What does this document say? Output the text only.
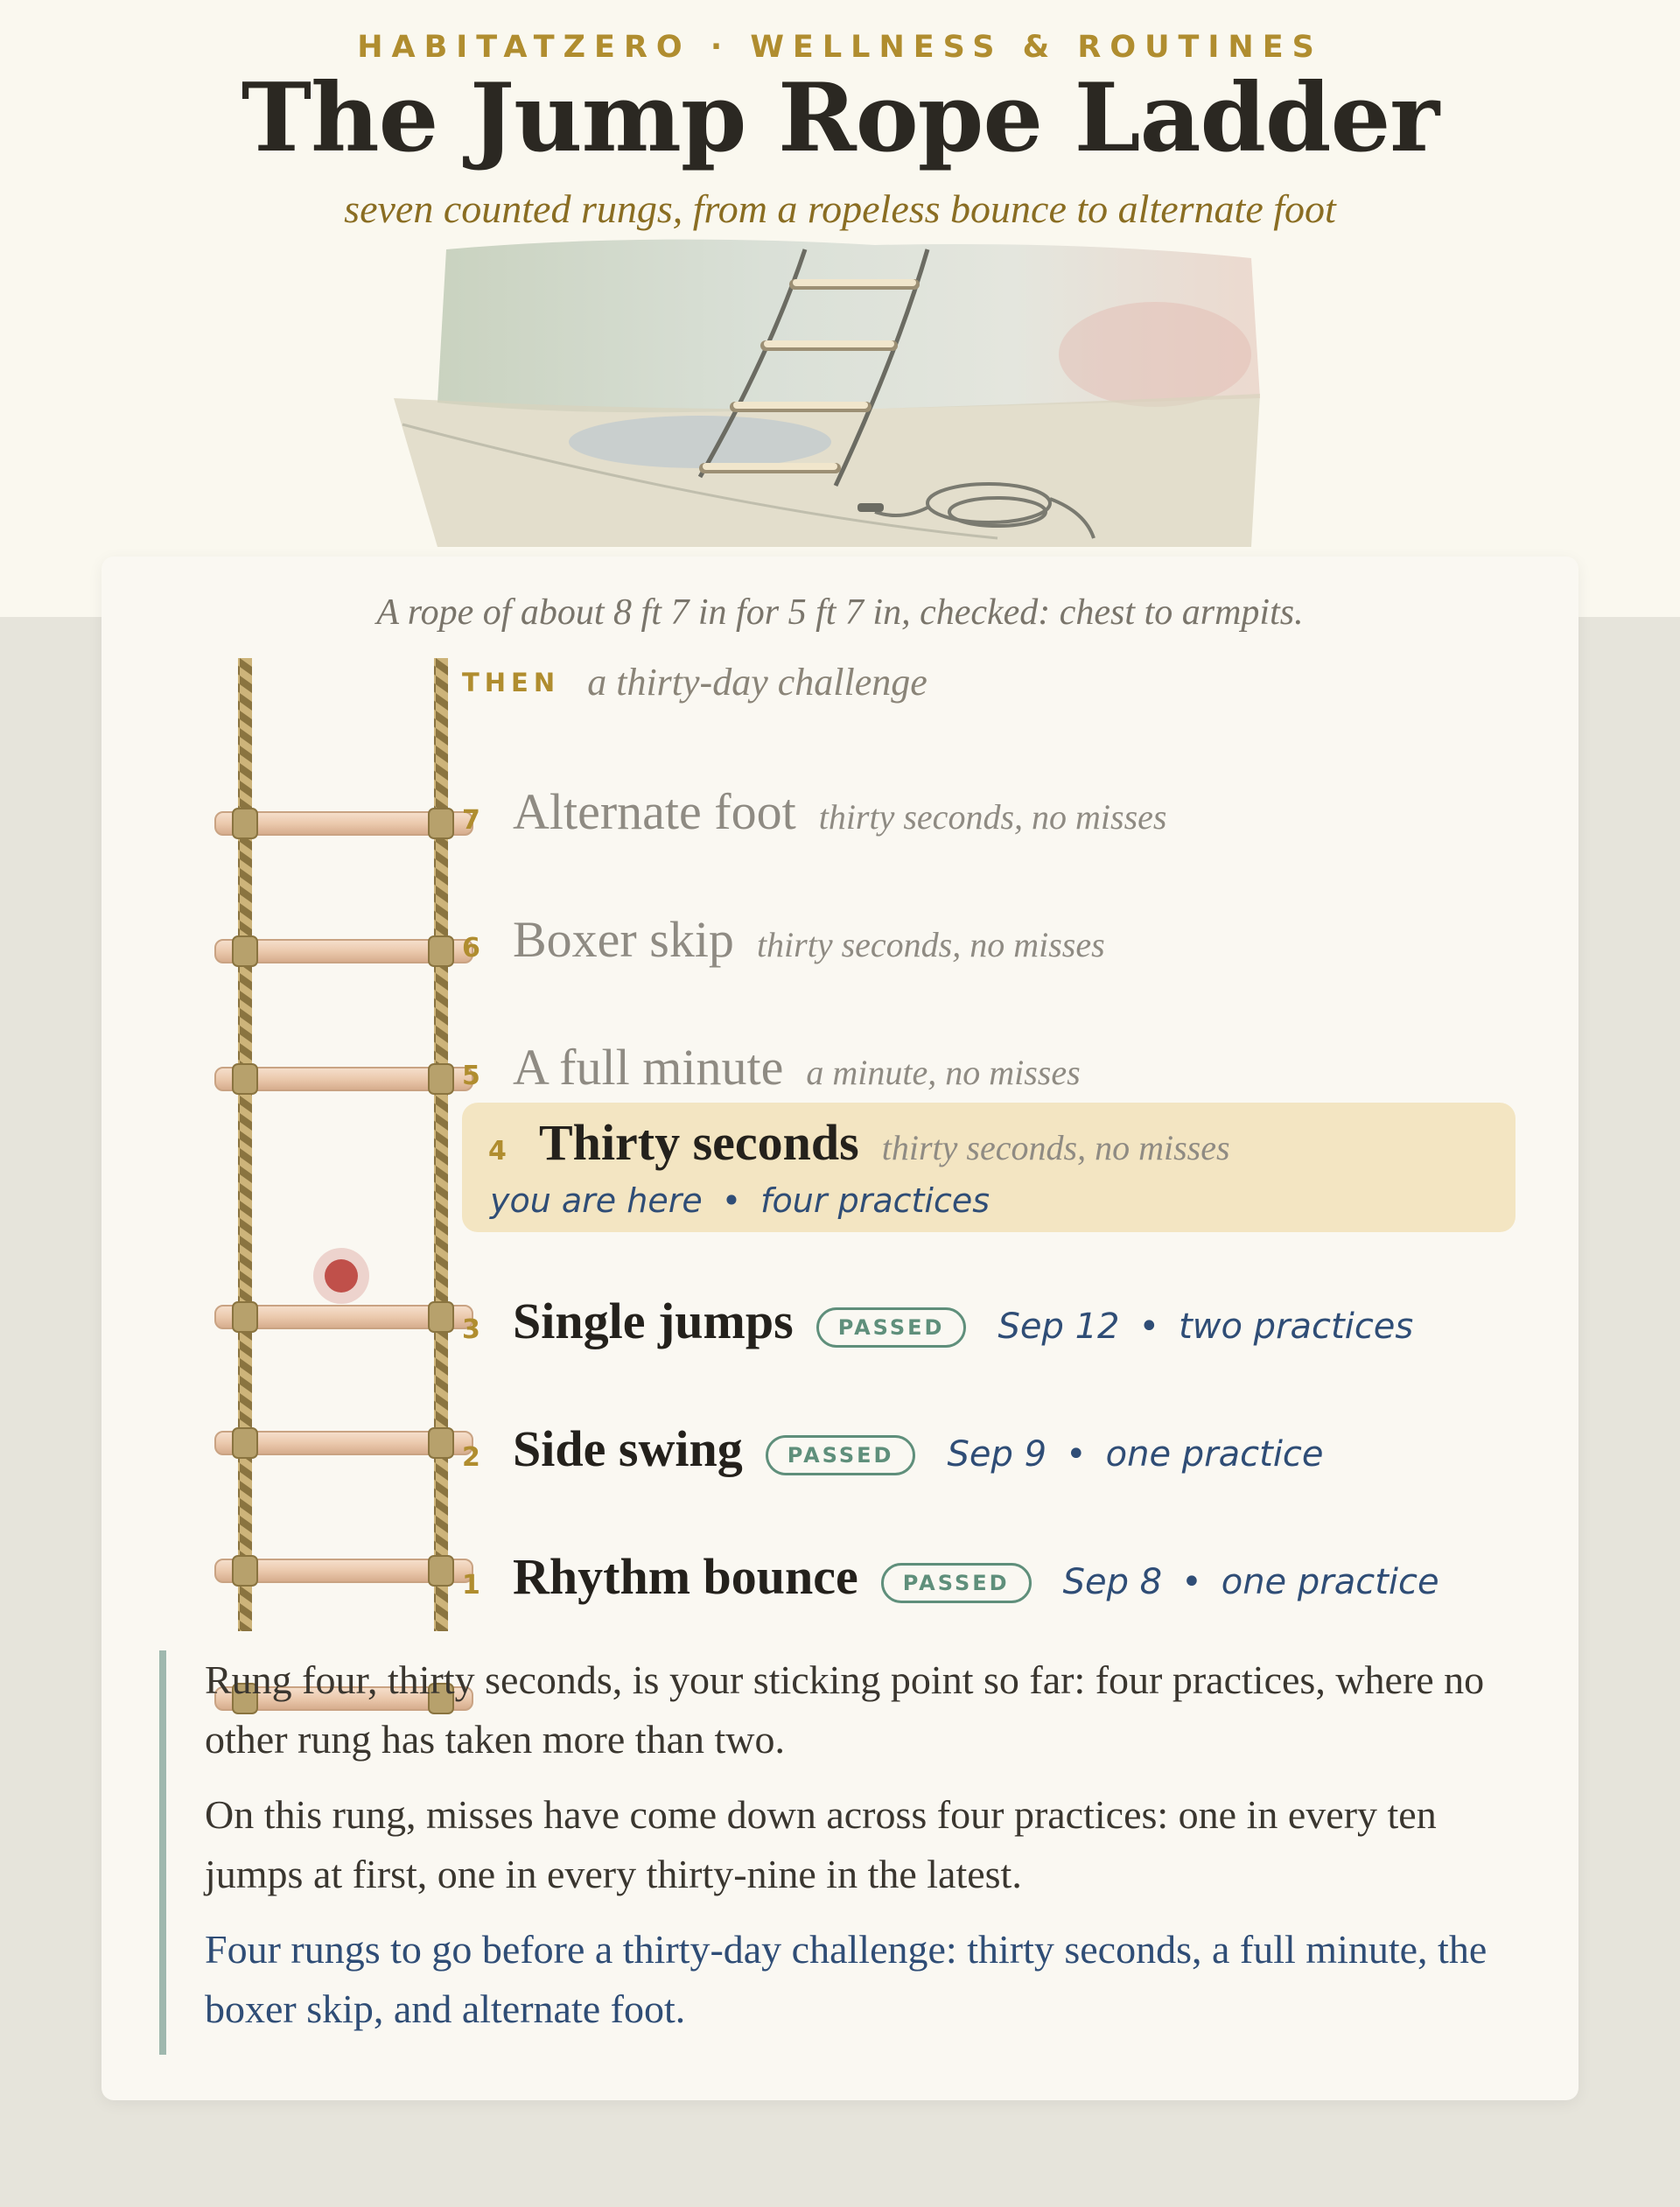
HABITATZERO · WELLNESS & ROUTINES
The Jump Rope Ladder
seven counted rungs, from a ropeless bounce to alternate foot
A rope of about 8 ft 7 in for 5 ft 7 in, checked: chest to armpits.
THEN a thirty-day challenge
7 Alternate foot thirty seconds, no misses
6 Boxer skip thirty seconds, no misses
5 A full minute a minute, no misses
4 Thirty seconds thirty seconds, no misses
you are here • four practices
3 Single jumps PASSED Sep 12 • two practices
2 Side swing PASSED Sep 9 • one practice
1 Rhythm bounce PASSED Sep 8 • one practice

Rung four, thirty seconds, is your sticking point so far: four practices, where no other rung has taken more than two.

On this rung, misses have come down across four practices: one in every ten jumps at first, one in every thirty-nine in the latest.

Four rungs to go before a thirty-day challenge: thirty seconds, a full minute, the boxer skip, and alternate foot.
